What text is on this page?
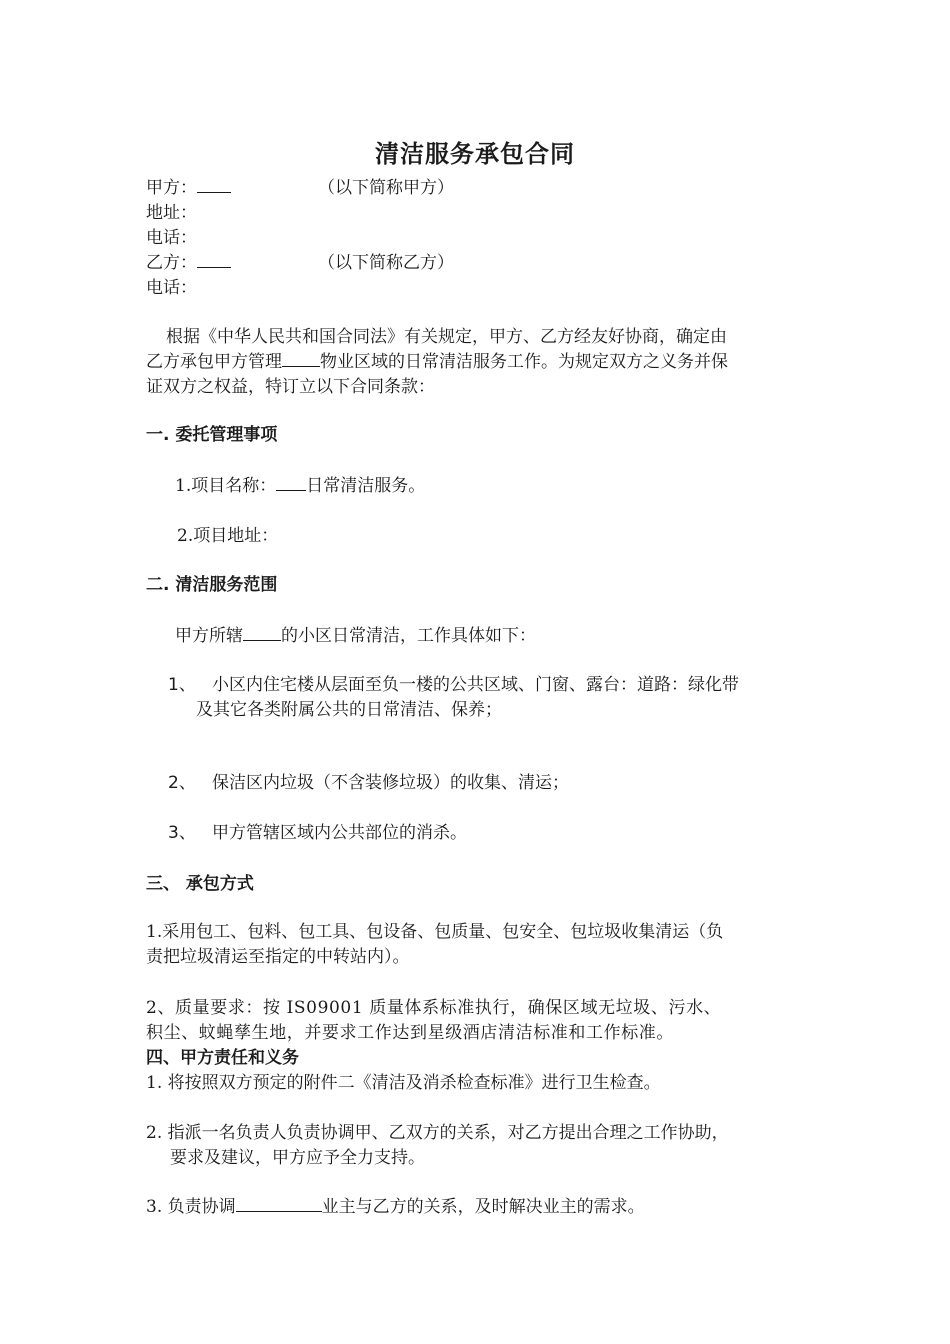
清洁服务承包合同
甲方：	（以下简称甲方）
地址：
电话：
乙方：	（以下简称乙方）
电话：
根据《中华人民共和国合同法》有关规定，甲方、乙方经友好协商，确定由
乙方承包甲方管理 物业区域的日常清洁服务工作。为规定双方之义务并保
证双方之权益，特订立以下合同条款：
一. 委托管理事项
1.项目名称： 日常清洁服务。
2.项目地址：
二. 清洁服务范围
甲方所辖 的小区日常清洁，工作具体如下：
1、 小区内住宅楼从层面至负一楼的公共区域、门窗、露台：道路：绿化带
及其它各类附属公共的日常清洁、保养；
2、 保洁区内垃圾（不含装修垃圾）的收集、清运；
3、 甲方管辖区域内公共部位的消杀。
三、 承包方式
1.采用包工、包料、包工具、包设备、包质量、包安全、包垃圾收集清运（负
责把垃圾清运至指定的中转站内）。
2、质量要求：按 IS09001 质量体系标准执行，确保区域无垃圾、污水、
积尘、蚊蝇孳生地，并要求工作达到星级酒店清洁标准和工作标准。
四、甲方责任和义务
1. 将按照双方预定的附件二《清洁及消杀检查标准》进行卫生检查。
2. 指派一名负责人负责协调甲、乙双方的关系，对乙方提出合理之工作协助，
要求及建议，甲方应予全力支持。
3. 负责协调	业主与乙方的关系，及时解决业主的需求。
